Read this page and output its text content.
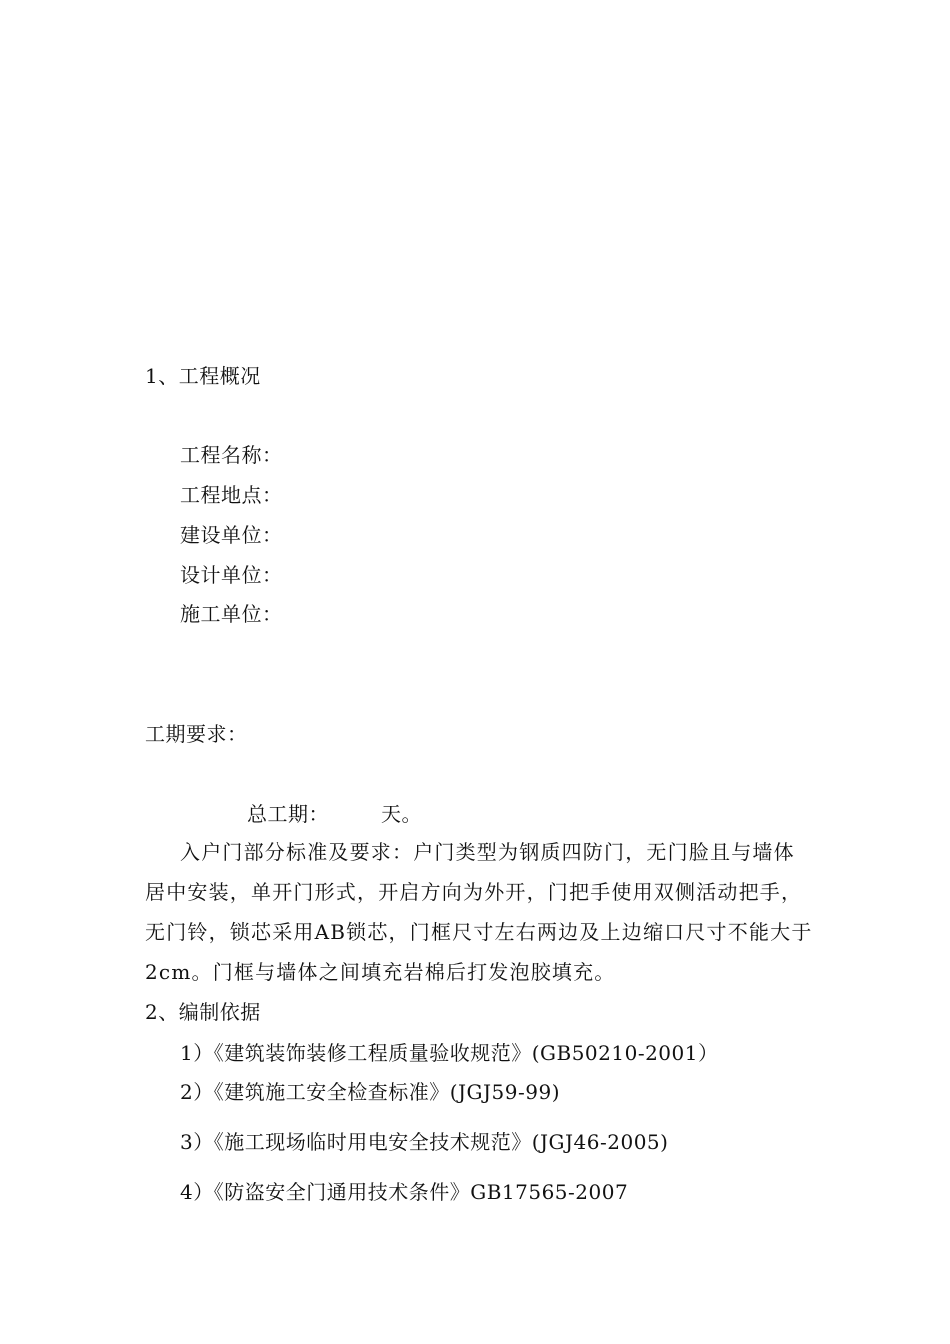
1、工程概况
工程名称：
工程地点：
建设单位：
设计单位：
施工单位：
工期要求：
总工期：	天。
入户门部分标准及要求：户门类型为钢质四防门，无门脸且与墙体居中安装，单开门形式，开启方向为外开，门把手使用双侧活动把手，无门铃，锁芯采用AB锁芯，门框尺寸左右两边及上边缩口尺寸不能大于2cm。门框与墙体之间填充岩棉后打发泡胶填充。
2、编制依据
1）《建筑装饰装修工程质量验收规范》(GB50210-2001）
2）《建筑施工安全检查标准》(JGJ59-99)
3）《施工现场临时用电安全技术规范》(JGJ46-2005)
4）《防盗安全门通用技术条件》GB17565-2007
